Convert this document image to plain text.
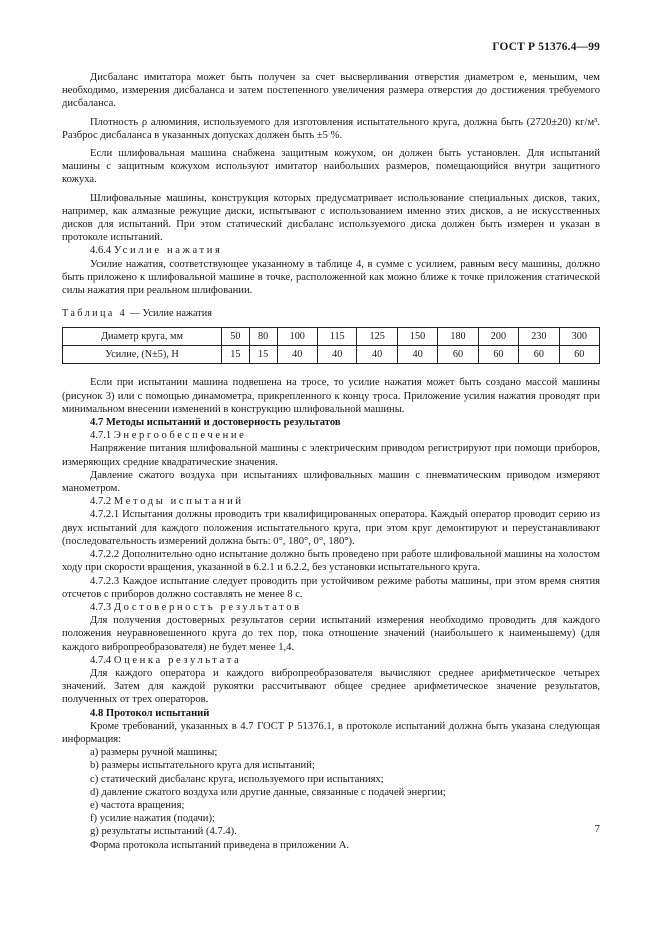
ГОСТ Р 51376.4—99

Дисбаланс имитатора может быть получен за счет высверливания отверстия диаметром e, меньшим, чем необходимо, измерения дисбаланса и затем постепенного увеличения размера отверстия до достижения требуемого дисбаланса.

Плотность ρ алюминия, используемого для изготовления испытательного круга, должна быть (2720±20) кг/м³. Разброс дисбаланса в указанных допусках должен быть ±5 %.

Если шлифовальная машина снабжена защитным кожухом, он должен быть установлен. Для испытаний машины с защитным кожухом используют имитатор наибольших размеров, помещающийся внутри защитного кожуха.

Шлифовальные машины, конструкция которых предусматривает использование специальных дисков, таких, например, как алмазные режущие диски, испытывают с использованием именно этих дисков, а не искусственных дисков для испытаний. При этом статический дисбаланс используемого диска должен быть измерен и указан в протоколе испытаний.

4.6.4 Усилие нажатия

Усилие нажатия, соответствующее указанному в таблице 4, в сумме с усилием, равным весу машины, должно быть приложено к шлифовальной машине в точке, расположенной как можно ближе к точке приложения статической силы нажатия при реальном шлифовании.

Таблица 4 — Усилие нажатия

Диаметр круга, мм	50	80	100	115	125	150	180	200	230	300
Усилие, (N±5), Н	15	15	40	40	40	40	60	60	60	60

Если при испытании машина подвешена на тросе, то усилие нажатия может быть создано массой машины (рисунок 3) или с помощью динамометра, прикрепленного к концу троса. Приложение усилия нажатия проводят при минимальном внесении изменений в конструкцию шлифовальной машины.

4.7 Методы испытаний и достоверность результатов

4.7.1 Энергообеспечение

Напряжение питания шлифовальной машины с электрическим приводом регистрируют при помощи приборов, измеряющих средние квадратические значения.

Давление сжатого воздуха при испытаниях шлифовальных машин с пневматическим приводом измеряют манометром.

4.7.2 Методы испытаний

4.7.2.1 Испытания должны проводить три квалифицированных оператора. Каждый оператор проводит серию из двух испытаний для каждого положения испытательного круга, при этом круг демонтируют и переустанавливают (последовательность измерений должна быть: 0°, 180°, 0°, 180°).

4.7.2.2 Дополнительно одно испытание должно быть проведено при работе шлифовальной машины на холостом ходу при скорости вращения, указанной в 6.2.1 и 6.2.2, без установки испытательного круга.

4.7.2.3 Каждое испытание следует проводить при устойчивом режиме работы машины, при этом время снятия отсчетов с приборов должно составлять не менее 8 с.

4.7.3 Достоверность результатов

Для получения достоверных результатов серии испытаний измерения необходимо проводить для каждого положения неуравновешенного круга до тех пор, пока отношение значений (наибольшего к наименьшему) (для каждого вибропреобразователя) не будет менее 1,4.

4.7.4 Оценка результата

Для каждого оператора и каждого вибропреобразователя вычисляют среднее арифметическое четырех значений. Затем для каждой рукоятки рассчитывают общее среднее арифметическое значение результатов, полученных от трех операторов.

4.8 Протокол испытаний

Кроме требований, указанных в 4.7 ГОСТ Р 51376.1, в протоколе испытаний должна быть указана следующая информация:

a) размеры ручной машины;

b) размеры испытательного круга для испытаний;

c) статический дисбаланс круга, используемого при испытаниях;

d) давление сжатого воздуха или другие данные, связанные с подачей энергии;

e) частота вращения;

f) усилие нажатия (подачи);

g) результаты испытаний (4.7.4).

Форма протокола испытаний приведена в приложении А.

7
